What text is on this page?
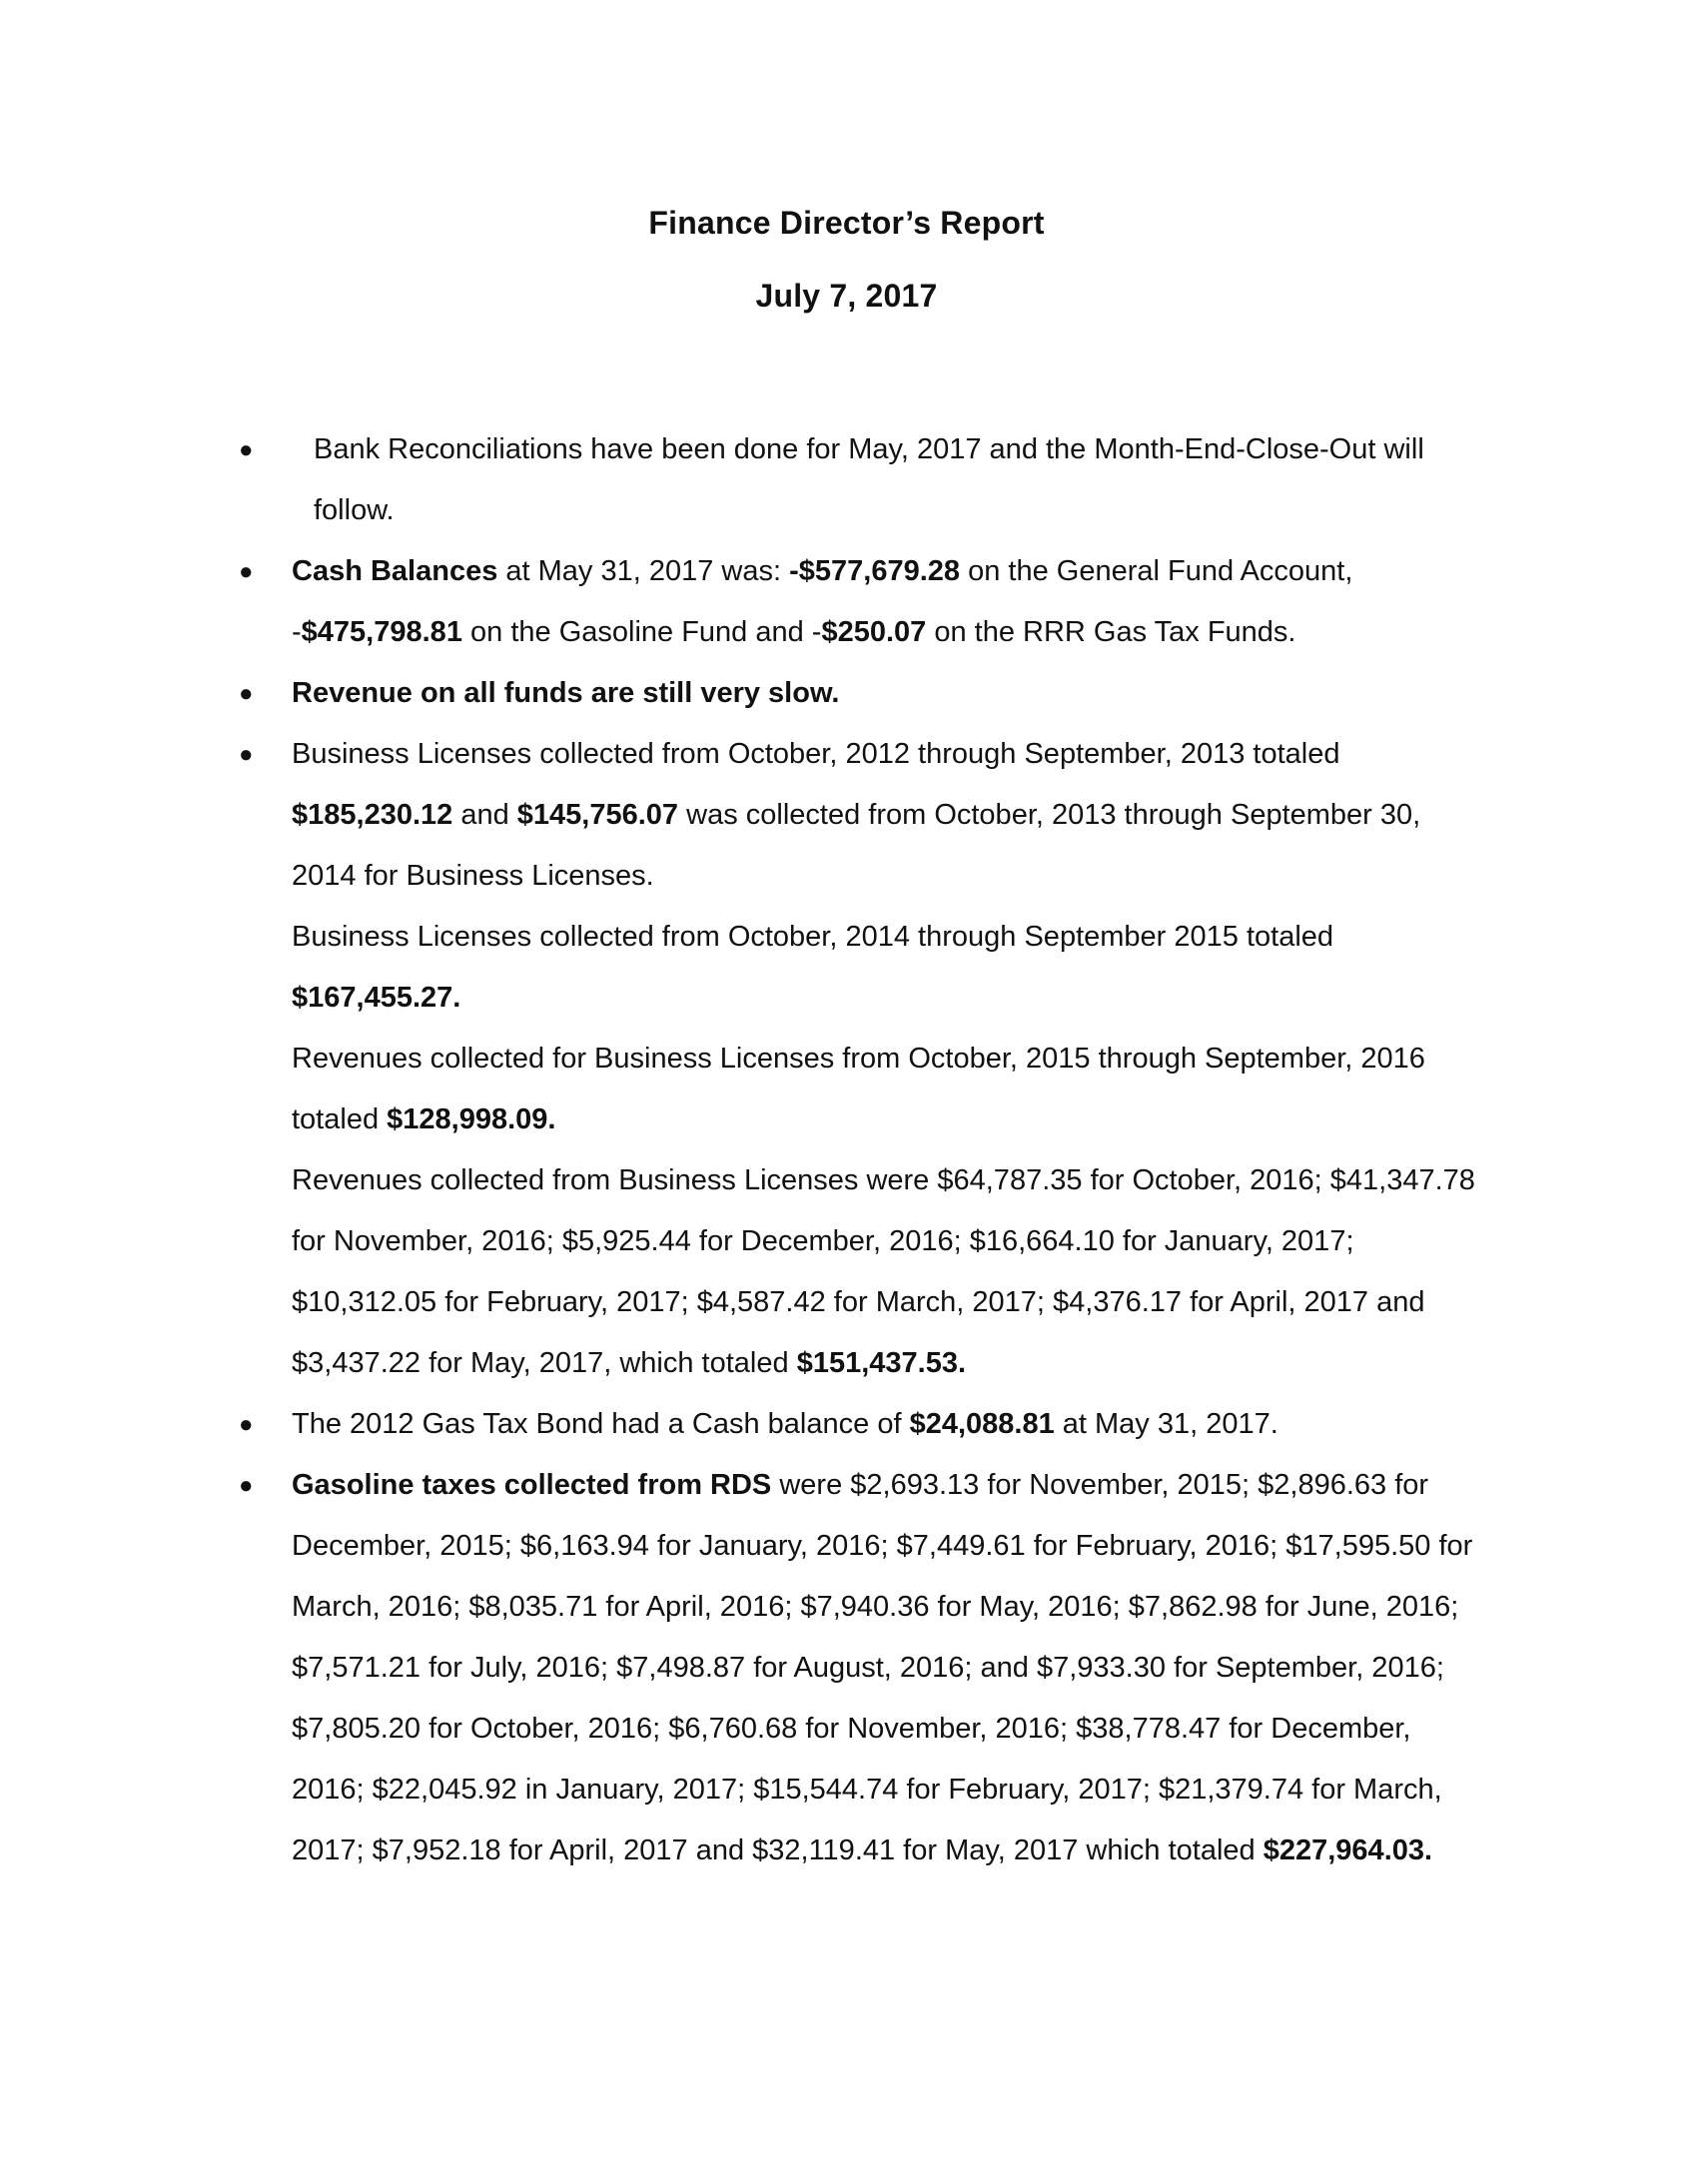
Finance Director’s Report
July 7, 2017
● Bank Reconciliations have been done for May, 2017 and the Month-End-Close-Out will follow.
● Cash Balances at May 31, 2017 was: -$577,679.28 on the General Fund Account, -$475,798.81 on the Gasoline Fund and -$250.07 on the RRR Gas Tax Funds.
● Revenue on all funds are still very slow.
● Business Licenses collected from October, 2012 through September, 2013 totaled $185,230.12 and $145,756.07 was collected from October, 2013 through September 30, 2014 for Business Licenses.
Business Licenses collected from October, 2014 through September 2015 totaled $167,455.27.
Revenues collected for Business Licenses from October, 2015 through September, 2016 totaled $128,998.09.
Revenues collected from Business Licenses were $64,787.35 for October, 2016; $41,347.78 for November, 2016; $5,925.44 for December, 2016; $16,664.10 for January, 2017; $10,312.05 for February, 2017; $4,587.42 for March, 2017; $4,376.17 for April, 2017 and $3,437.22 for May, 2017, which totaled $151,437.53.
● The 2012 Gas Tax Bond had a Cash balance of $24,088.81 at May 31, 2017.
● Gasoline taxes collected from RDS were $2,693.13 for November, 2015; $2,896.63 for December, 2015; $6,163.94 for January, 2016; $7,449.61 for February, 2016; $17,595.50 for March, 2016; $8,035.71 for April, 2016; $7,940.36 for May, 2016; $7,862.98 for June, 2016; $7,571.21 for July, 2016; $7,498.87 for August, 2016; and $7,933.30 for September, 2016; $7,805.20 for October, 2016; $6,760.68 for November, 2016; $38,778.47 for December, 2016; $22,045.92 in January, 2017; $15,544.74 for February, 2017; $21,379.74 for March, 2017; $7,952.18 for April, 2017 and $32,119.41 for May, 2017 which totaled $227,964.03.
